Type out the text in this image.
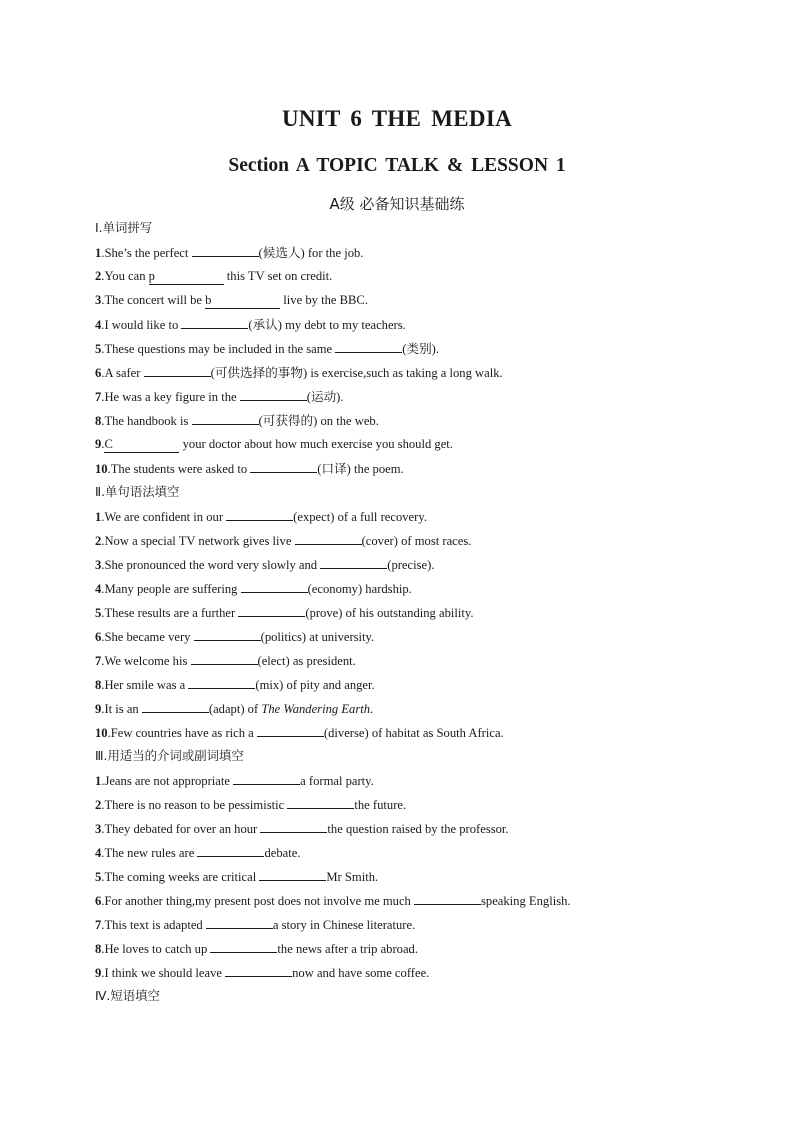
UNIT 6 THE MEDIA
Section A TOPIC TALK & LESSON 1
A级 必备知识基础练
Ⅰ.单词拼写
1.She’s the perfect	(候选人) for the job.
2.You can p	this TV set on credit.
3.The concert will be b	live by the BBC.
4.I would like to	(承认) my debt to my teachers.
5.These questions may be included in the same	(类别).
6.A safer	(可供选择的事物) is exercise,such as taking a long walk.
7.He was a key figure in the	(运动).
8.The handbook is	(可获得的) on the web.
9.C	your doctor about how much exercise you should get.
10.The students were asked to	(口译) the poem.
Ⅱ.单句语法填空
1.We are confident in our	(expect) of a full recovery.
2.Now a special TV network gives live	(cover) of most races.
3.She pronounced the word very slowly and	(precise).
4.Many people are suffering	(economy) hardship.
5.These results are a further	(prove) of his outstanding ability.
6.She became very	(politics) at university.
7.We welcome his	(elect) as president.
8.Her smile was a	(mix) of pity and anger.
9.It is an	(adapt) of The Wandering Earth.
10.Few countries have as rich a	(diverse) of habitat as South Africa.
Ⅲ.用适当的介词或副词填空
1.Jeans are not appropriate	a formal party.
2.There is no reason to be pessimistic	the future.
3.They debated for over an hour	the question raised by the professor.
4.The new rules are	debate.
5.The coming weeks are critical	Mr Smith.
6.For another thing,my present post does not involve me much	speaking English.
7.This text is adapted	a story in Chinese literature.
8.He loves to catch up	the news after a trip abroad.
9.I think we should leave	now and have some coffee.
Ⅳ.短语填空
